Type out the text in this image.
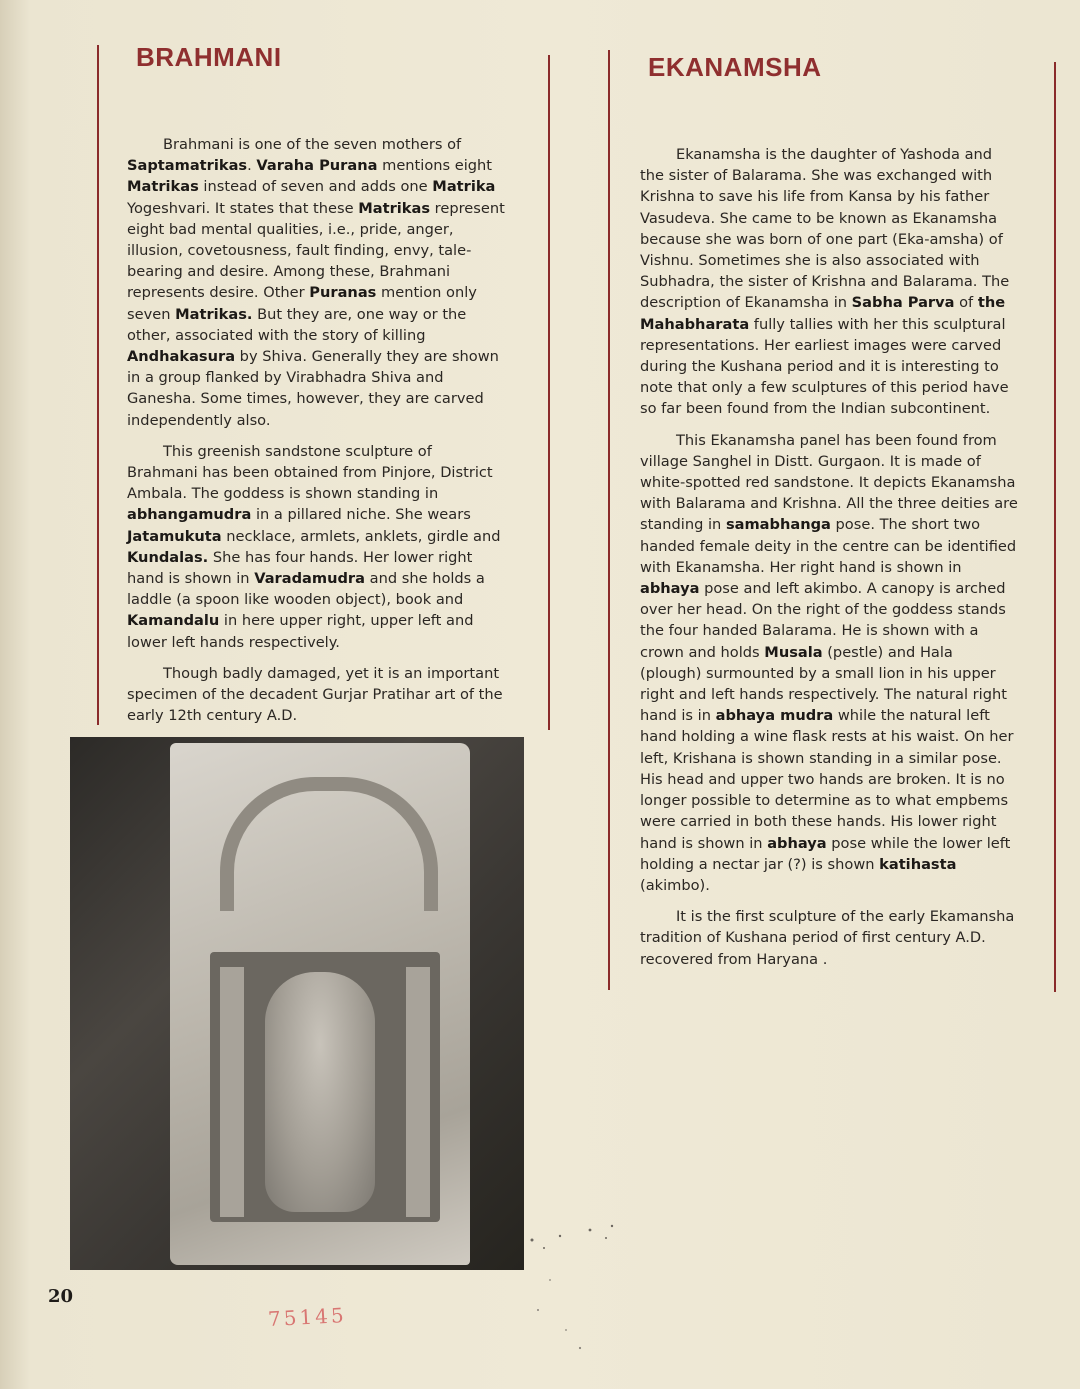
BRAHMANI	EKANAMSHA

Brahmani is one of the seven mothers of Saptamatrikas. Varaha Purana mentions eight Matrikas instead of seven and adds one Matrika Yogeshvari. It states that these Matrikas represent eight bad mental qualities, i.e., pride, anger, illusion, covetousness, fault finding, envy, tale-bearing and desire. Among these, Brahmani represents desire. Other Puranas mention only seven Matrikas. But they are, one way or the other, associated with the story of killing Andhakasura by Shiva. Generally they are shown in a group flanked by Virabhadra Shiva and Ganesha. Some times, however, they are carved independently also.

This greenish sandstone sculpture of Brahmani has been obtained from Pinjore, District Ambala. The goddess is shown standing in abhangamudra in a pillared niche. She wears Jatamukuta necklace, armlets, anklets, girdle and Kundalas. She has four hands. Her lower right hand is shown in Varadamudra and she holds a laddle (a spoon like wooden object), book and Kamandalu in here upper right, upper left and lower left hands respectively.

Though badly damaged, yet it is an important specimen of the decadent Gurjar Pratihar art of the early 12th century A.D.

Ekanamsha is the daughter of Yashoda and the sister of Balarama. She was exchanged with Krishna to save his life from Kansa by his father Vasudeva. She came to be known as Ekanamsha because she was born of one part (Eka-amsha) of Vishnu. Sometimes she is also associated with Subhadra, the sister of Krishna and Balarama. The description of Ekanamsha in Sabha Parva of the Mahabharata fully tallies with her this sculptural representations. Her earliest images were carved during the Kushana period and it is interesting to note that only a few sculptures of this period have so far been found from the Indian subcontinent.

This Ekanamsha panel has been found from village Sanghel in Distt. Gurgaon. It is made of white-spotted red sandstone. It depicts Ekanamsha with Balarama and Krishna. All the three deities are standing in samabhanga pose. The short two handed female deity in the centre can be identified with Ekanamsha. Her right hand is shown in abhaya pose and left akimbo. A canopy is arched over her head. On the right of the goddess stands the four handed Balarama. He is shown with a crown and holds Musala (pestle) and Hala (plough) surmounted by a small lion in his upper right and left hands respectively. The natural right hand is in abhaya mudra while the natural left hand holding a wine flask rests at his waist. On her left, Krishana is shown standing in a similar pose. His head and upper two hands are broken. It is no longer possible to determine as to what empbems were carried in both these hands. His lower right hand is shown in abhaya pose while the lower left holding a nectar jar (?) is shown katihasta (akimbo).

It is the first sculpture of the early Ekamansha tradition of Kushana period of first century A.D. recovered from Haryana .

20
75145
